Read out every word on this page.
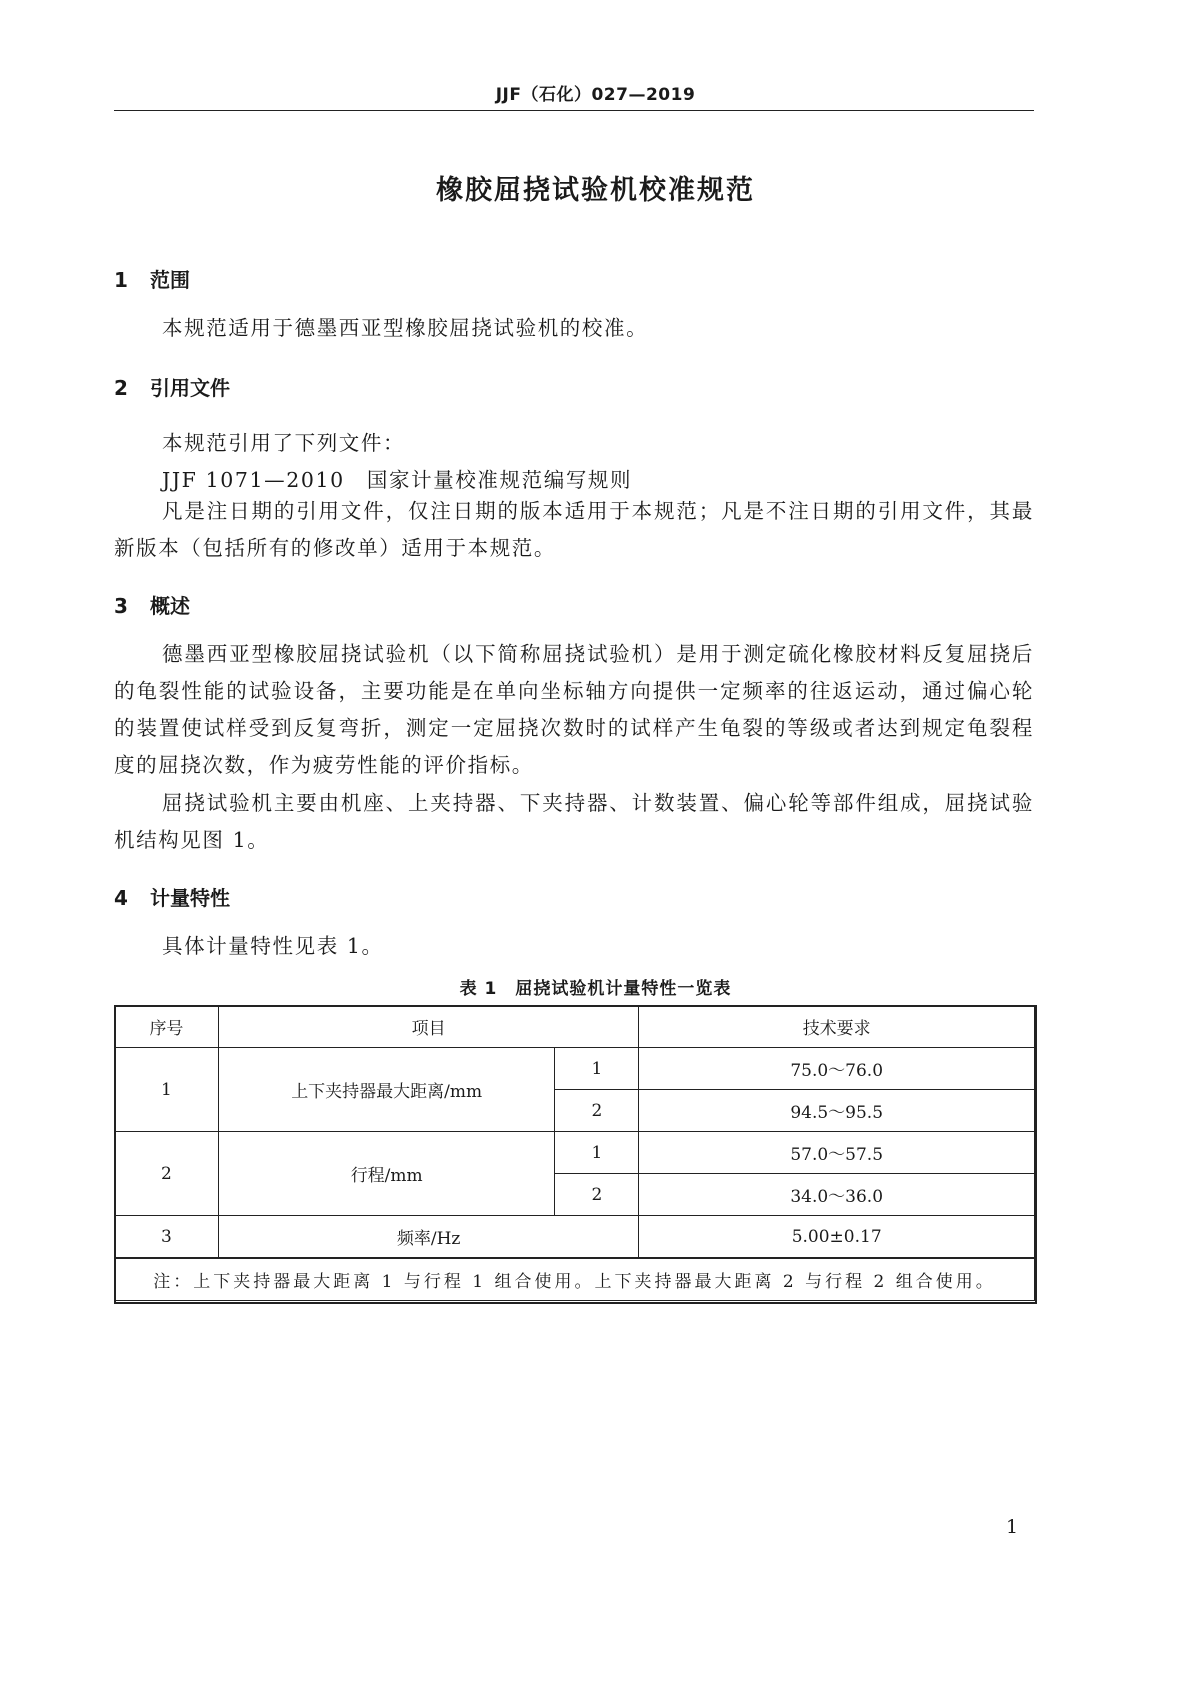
JJF（石化）027—2019
橡胶屈挠试验机校准规范
1 范围
本规范适用于德墨西亚型橡胶屈挠试验机的校准。
2 引用文件
本规范引用了下列文件：
JJF 1071—2010　国家计量校准规范编写规则
凡是注日期的引用文件，仅注日期的版本适用于本规范；凡是不注日期的引用文件，其最新版本（包括所有的修改单）适用于本规范。
3 概述
德墨西亚型橡胶屈挠试验机（以下简称屈挠试验机）是用于测定硫化橡胶材料反复屈挠后的龟裂性能的试验设备，主要功能是在单向坐标轴方向提供一定频率的往返运动，通过偏心轮的装置使试样受到反复弯折，测定一定屈挠次数时的试样产生龟裂的等级或者达到规定龟裂程度的屈挠次数，作为疲劳性能的评价指标。
屈挠试验机主要由机座、上夹持器、下夹持器、计数装置、偏心轮等部件组成，屈挠试验机结构见图 1。
4 计量特性
具体计量特性见表 1。
表 1　屈挠试验机计量特性一览表
序号	项目		技术要求
1	上下夹持器最大距离/mm	1	75.0～76.0
		2	94.5～95.5
2	行程/mm	1	57.0～57.5
		2	34.0～36.0
3	频率/Hz		5.00±0.17
注：上下夹持器最大距离 1 与行程 1 组合使用。上下夹持器最大距离 2 与行程 2 组合使用。			
1
